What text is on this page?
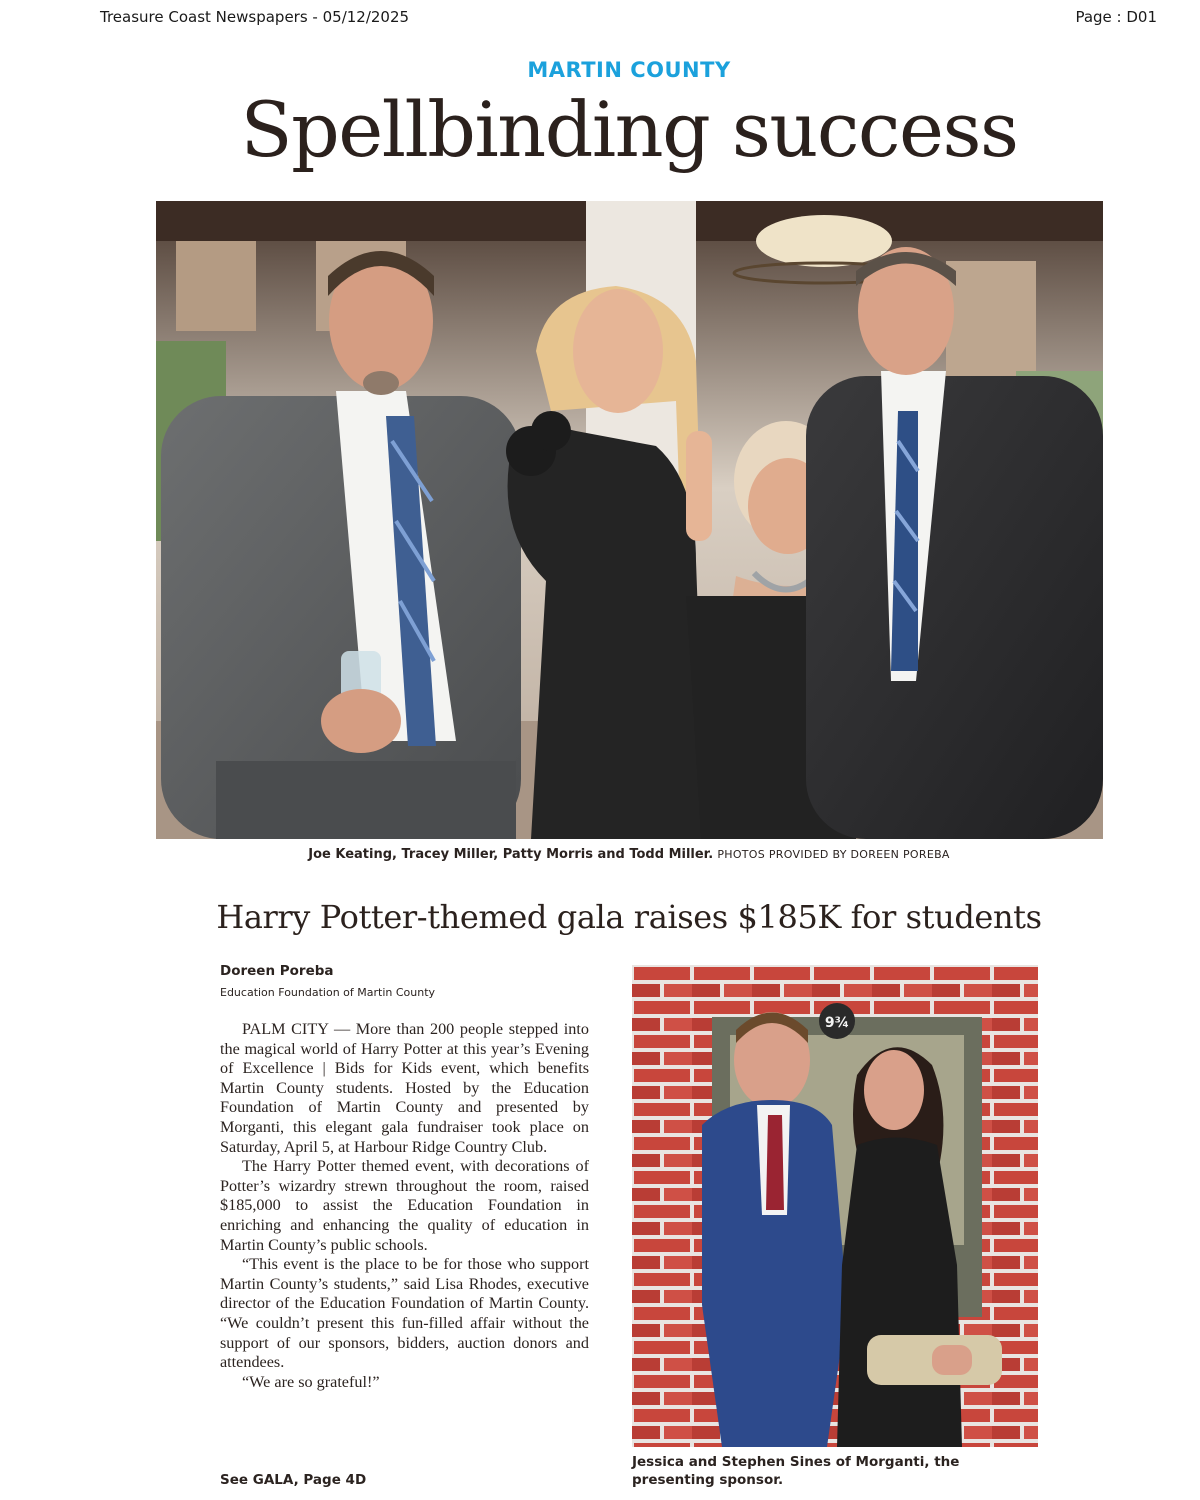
Treasure Coast Newspapers - 05/12/2025	Page : D01
MARTIN COUNTY
Spellbinding success
Joe Keating, Tracey Miller, Patty Morris and Todd Miller. PHOTOS PROVIDED BY DOREEN POREBA
Harry Potter-themed gala raises $185K for students
Doreen Poreba
Education Foundation of Martin County

PALM CITY — More than 200 people stepped into the magical world of Harry Potter at this year’s Evening of Excellence | Bids for Kids event, which benefits Martin County students. Hosted by the Education Foundation of Martin County and presented by Morganti, this elegant gala fundraiser took place on Saturday, April 5, at Harbour Ridge Country Club.

The Harry Potter themed event, with decorations of Potter’s wizardry strewn throughout the room, raised $185,000 to assist the Education Foundation in enriching and enhancing the quality of education in Martin County’s public schools.

“This event is the place to be for those who support Martin County’s students,” said Lisa Rhodes, executive director of the Education Foundation of Martin County. “We couldn’t present this fun-filled affair without the support of our sponsors, bidders, auction donors and attendees.

“We are so grateful!”

See GALA, Page 4D
9¾
Jessica and Stephen Sines of Morganti, the presenting sponsor.
